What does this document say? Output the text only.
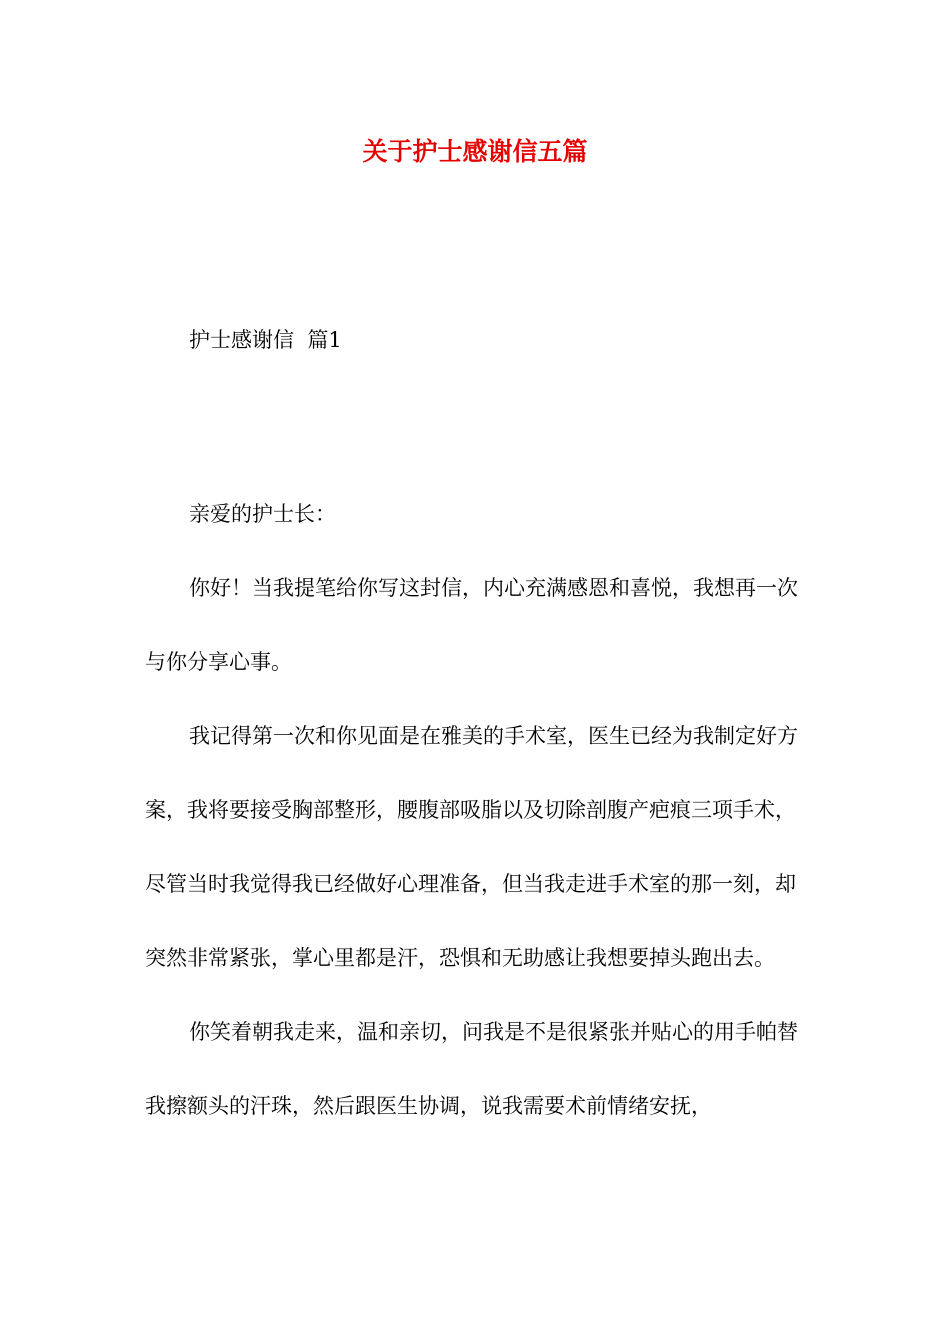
关于护士感谢信五篇
护士感谢信  篇1

亲爱的护士长：

你好！当我提笔给你写这封信，内心充满感恩和喜悦，我想再一次与你分享心事。

我记得第一次和你见面是在雅美的手术室，医生已经为我制定好方案，我将要接受胸部整形，腰腹部吸脂以及切除剖腹产疤痕三项手术，尽管当时我觉得我已经做好心理准备，但当我走进手术室的那一刻，却突然非常紧张，掌心里都是汗，恐惧和无助感让我想要掉头跑出去。

你笑着朝我走来，温和亲切，问我是不是很紧张并贴心的用手帕替我擦额头的汗珠，然后跟医生协调，说我需要术前情绪安抚，
